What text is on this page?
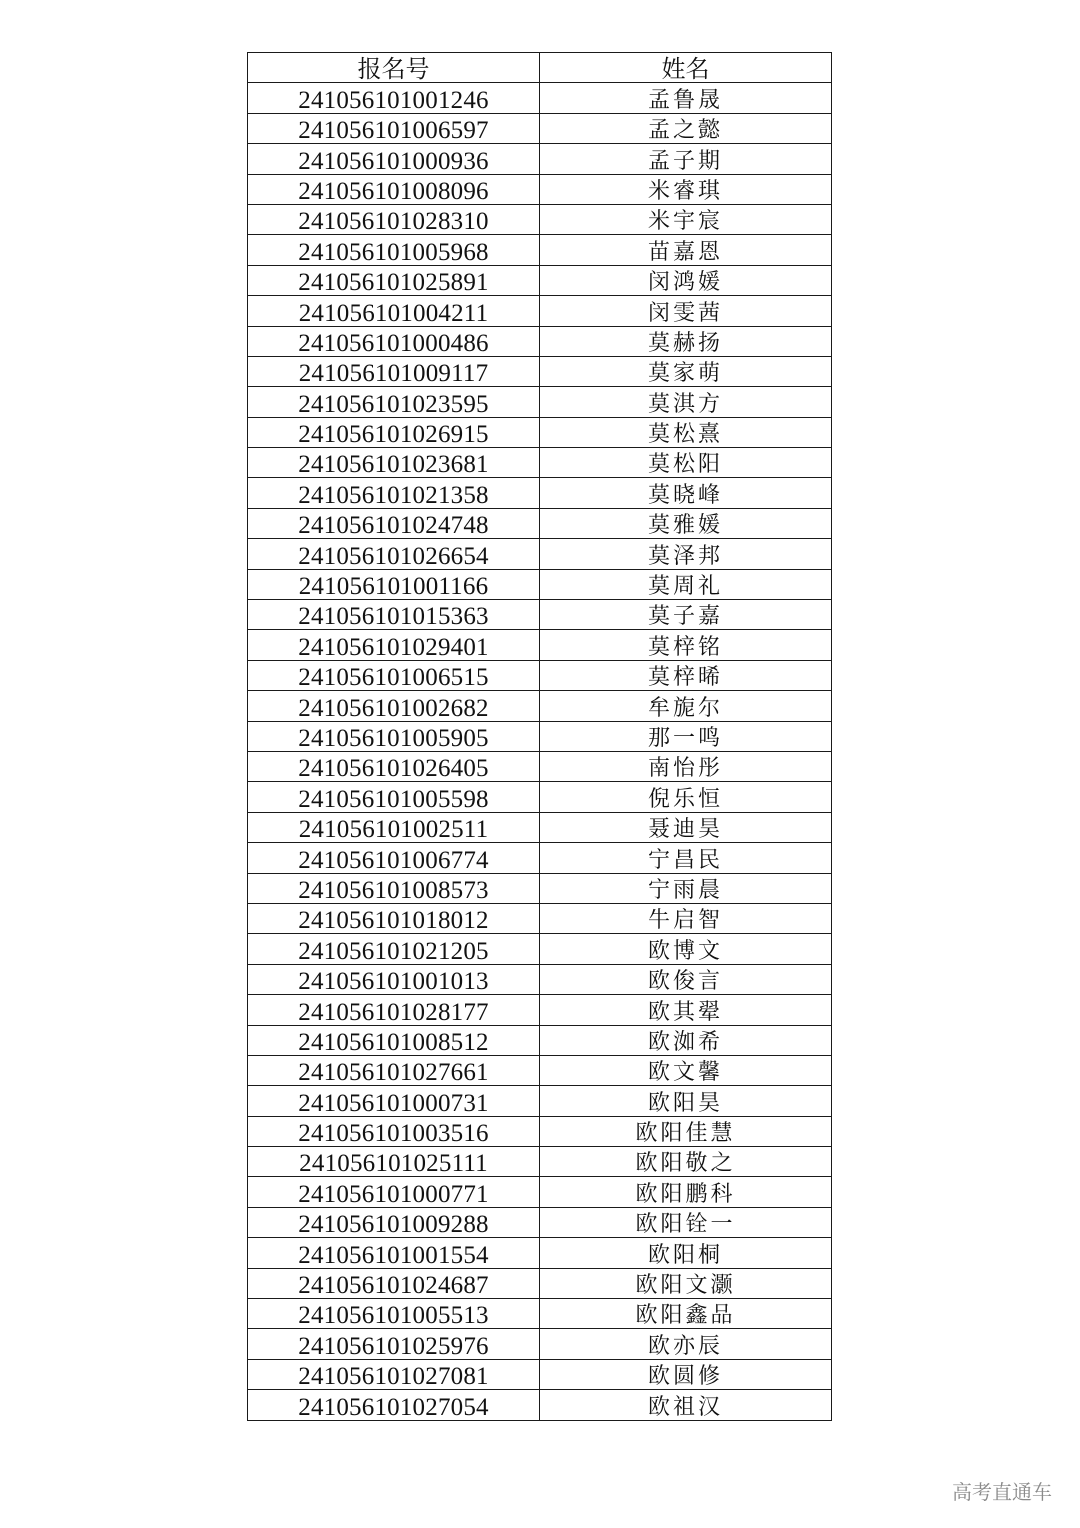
报名号	姓名
241056101001246	孟鲁晟
241056101006597	孟之懿
241056101000936	孟子期
241056101008096	米睿琪
241056101028310	米宇宸
241056101005968	苗嘉恩
241056101025891	闵鸿媛
241056101004211	闵雯茜
241056101000486	莫赫扬
241056101009117	莫家萌
241056101023595	莫淇方
241056101026915	莫松熹
241056101023681	莫松阳
241056101021358	莫晓峰
241056101024748	莫雅媛
241056101026654	莫泽邦
241056101001166	莫周礼
241056101015363	莫子嘉
241056101029401	莫梓铭
241056101006515	莫梓晞
241056101002682	牟旎尔
241056101005905	那一鸣
241056101026405	南怡彤
241056101005598	倪乐恒
241056101002511	聂迪昊
241056101006774	宁昌民
241056101008573	宁雨晨
241056101018012	牛启智
241056101021205	欧博文
241056101001013	欧俊言
241056101028177	欧其翚
241056101008512	欧洳希
241056101027661	欧文馨
241056101000731	欧阳昊
241056101003516	欧阳佳慧
241056101025111	欧阳敬之
241056101000771	欧阳鹏科
241056101009288	欧阳铨一
241056101001554	欧阳桐
241056101024687	欧阳文灏
241056101005513	欧阳鑫品
241056101025976	欧亦辰
241056101027081	欧圆修
241056101027054	欧祖汉
高考直通车
